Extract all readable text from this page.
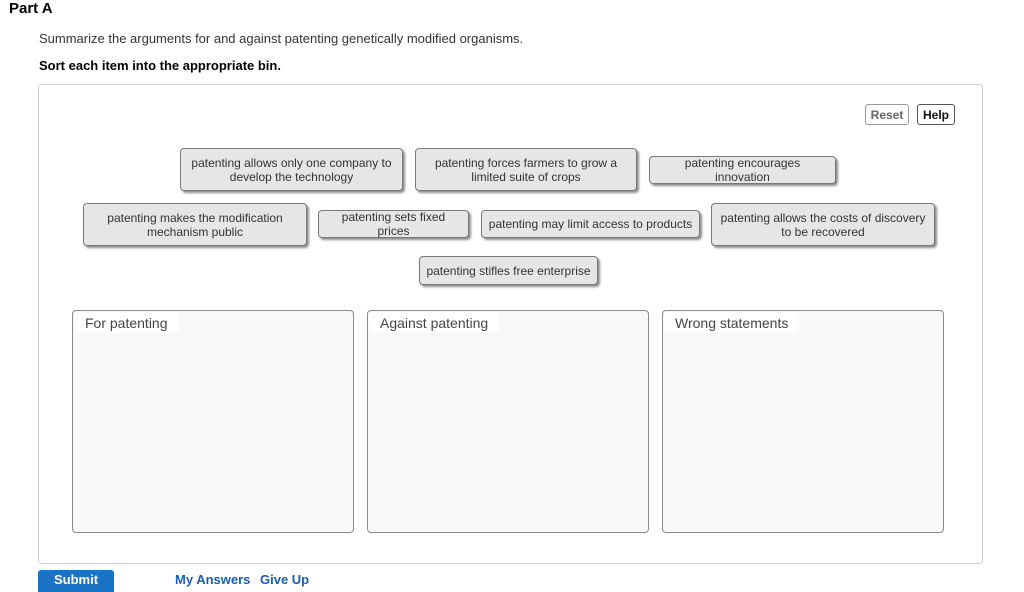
Part A
Summarize the arguments for and against patenting genetically modified organisms.
Sort each item into the appropriate bin.
Reset	Help
patenting allows only one company to develop the technology
patenting forces farmers to grow a limited suite of crops
patenting encourages innovation
patenting makes the modification mechanism public
patenting sets fixed prices	patenting may limit access to products	patenting allows the costs of discovery to be recovered
patenting stifles free enterprise
For patenting	Against patenting	Wrong statements
Submit	My Answers Give Up
